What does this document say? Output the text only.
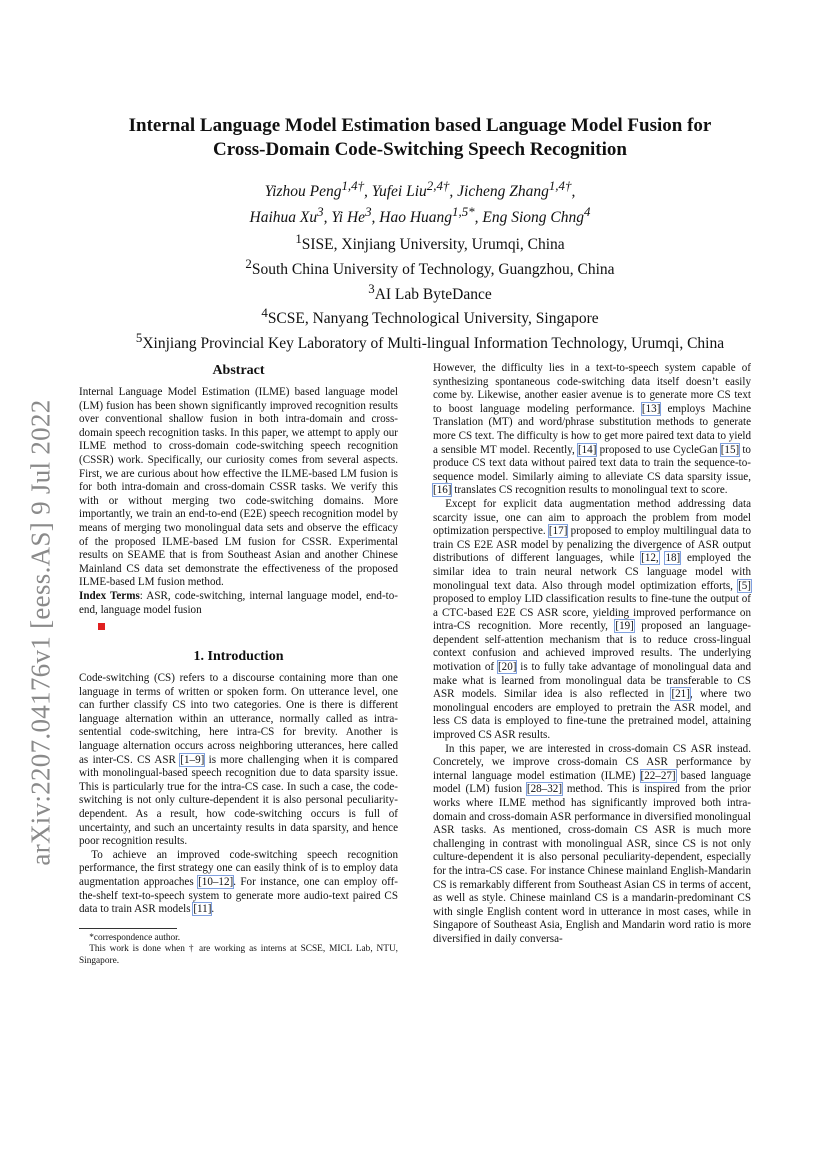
arXiv:2207.04176v1 [eess.AS] 9 Jul 2022
Internal Language Model Estimation based Language Model Fusion for
Cross-Domain Code-Switching Speech Recognition
Yizhou Peng$^{1,4\dagger}$, Yufei Liu$^{2,4\dagger}$, Jicheng Zhang$^{1,4\dagger}$,
Haihua Xu$^3$, Yi He$^3$, Hao Huang$^{1,5*}$, Eng Siong Chng$^4$
$^1$SISE, Xinjiang University, Urumqi, China
$^2$South China University of Technology, Guangzhou, China
$^3$AI Lab ByteDance
$^4$SCSE, Nanyang Technological University, Singapore
$^5$Xinjiang Provincial Key Laboratory of Multi-lingual Information Technology, Urumqi, China
Abstract

Internal Language Model Estimation (ILME) based language model (LM) fusion has been shown significantly improved recognition results over conventional shallow fusion in both intra-domain and cross-domain speech recognition tasks. In this paper, we attempt to apply our ILME method to cross-domain code-switching speech recognition (CSSR) work. Specifically, our curiosity comes from several aspects. First, we are curious about how effective the ILME-based LM fusion is for both intra-domain and cross-domain CSSR tasks. We verify this with or without merging two code-switching domains. More importantly, we train an end-to-end (E2E) speech recognition model by means of merging two monolingual data sets and observe the efficacy of the proposed ILME-based LM fusion for CSSR. Experimental results on SEAME that is from Southeast Asian and another Chinese Mainland CS data set demonstrate the effectiveness of the proposed ILME-based LM fusion method.

Index Terms: ASR, code-switching, internal language model, end-to-end, language model fusion

1. Introduction

Code-switching (CS) refers to a discourse containing more than one language in terms of written or spoken form. On utterance level, one can further classify CS into two categories. One is there is different language alternation within an utterance, normally called as intra-sentential code-switching, here intra-CS for brevity. Another is language alternation occurs across neighboring utterances, here called as inter-CS. CS ASR [1–9] is more challenging when it is compared with monolingual-based speech recognition due to data sparsity issue. This is particularly true for the intra-CS case. In such a case, the code-switching is not only culture-dependent it is also personal peculiarity-dependent. As a result, how code-switching occurs is full of uncertainty, and such an uncertainty results in data sparsity, and hence poor recognition results.

To achieve an improved code-switching speech recognition performance, the first strategy one can easily think of is to employ data augmentation approaches [10–12]. For instance, one can employ off-the-shelf text-to-speech system to generate more audio-text paired CS data to train ASR models [11].

*correspondence author.

This work is done when † are working as interns at SCSE, MICL Lab, NTU, Singapore.

However, the difficulty lies in a text-to-speech system capable of synthesizing spontaneous code-switching data itself doesn’t easily come by. Likewise, another easier avenue is to generate more CS text to boost language modeling performance. [13] employs Machine Translation (MT) and word/phrase substitution methods to generate more CS text. The difficulty is how to get more paired text data to yield a sensible MT model. Recently, [14] proposed to use CycleGan [15] to produce CS text data without paired text data to train the sequence-to-sequence model. Similarly aiming to alleviate CS data sparsity issue, [16] translates CS recognition results to monolingual text to score.

Except for explicit data augmentation method addressing data scarcity issue, one can aim to approach the problem from model optimization perspective. [17] proposed to employ multilingual data to train CS E2E ASR model by penalizing the divergence of ASR output distributions of different languages, while [12, 18] employed the similar idea to train neural network CS language model with monolingual text data. Also through model optimization efforts, [5] proposed to employ LID classification results to fine-tune the output of a CTC-based E2E CS ASR score, yielding improved performance on intra-CS recognition. More recently, [19] proposed an language-dependent self-attention mechanism that is to reduce cross-lingual context confusion and achieved improved results. The underlying motivation of [20] is to fully take advantage of monolingual data and make what is learned from monolingual data be transferable to CS ASR models. Similar idea is also reflected in [21], where two monolingual encoders are employed to pretrain the ASR model, and less CS data is employed to fine-tune the pretrained model, attaining improved CS ASR results.

In this paper, we are interested in cross-domain CS ASR instead. Concretely, we improve cross-domain CS ASR performance by internal language model estimation (ILME) [22–27] based language model (LM) fusion [28–32] method. This is inspired from the prior works where ILME method has significantly improved both intra-domain and cross-domain ASR performance in diversified monolingual ASR tasks. As mentioned, cross-domain CS ASR is much more challenging in contrast with monolingual ASR, since CS is not only culture-dependent it is also personal peculiarity-dependent, especially for the intra-CS case. For instance Chinese mainland English-Mandarin CS is remarkably different from Southeast Asian CS in terms of accent, as well as style. Chinese mainland CS is a mandarin-predominant CS with single English content word in utterance in most cases, while in Singapore of Southeast Asia, English and Mandarin word ratio is more diversified in daily conversa-
